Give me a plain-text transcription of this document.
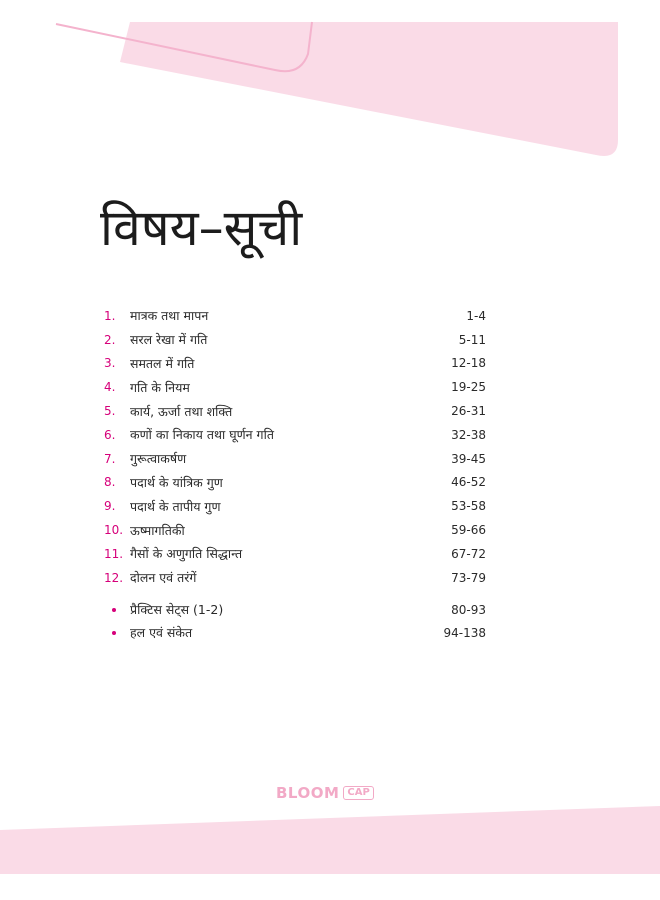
विषय–सूची
1.	मात्रक तथा मापन	1-4
2.	सरल रेखा में गति	5-11
3.	समतल में गति	12-18
4.	गति के नियम	19-25
5.	कार्य, ऊर्जा तथा शक्ति	26-31
6.	कणों का निकाय तथा घूर्णन गति	32-38
7.	गुरूत्वाकर्षण	39-45
8.	पदार्थ के यांत्रिक गुण	46-52
9.	पदार्थ के तापीय गुण	53-58
10. ऊष्मागतिकी	59-66
11. गैसों के अणुगति सिद्धान्त	67-72
12. दोलन एवं तरंगें	73-79
प्रैक्टिस सेट्स (1-2)	80-93
हल एवं संकेत	94-138
BLOOM CAP
